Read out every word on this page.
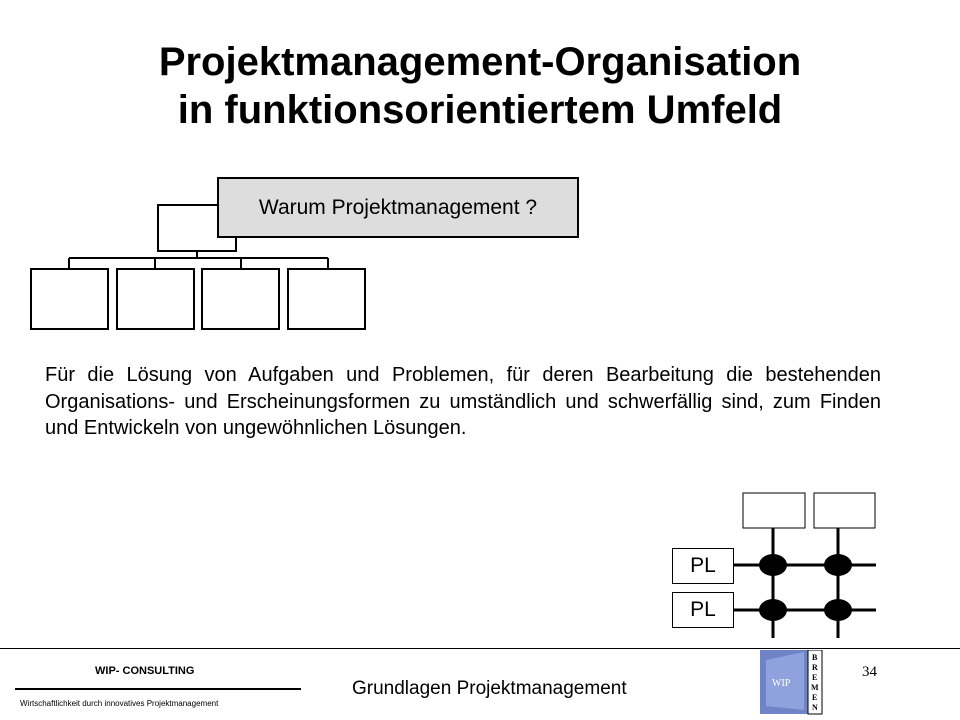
Projektmanagement-Organisation
in funktionsorientiertem Umfeld
Warum Projektmanagement ?
Für die Lösung von Aufgaben und Problemen, für deren Bearbeitung die bestehenden Organisations- und Erscheinungsformen zu umständlich und schwerfällig sind, zum Finden und Entwickeln von ungewöhnlichen Lösungen.
PL
PL
WIP- CONSULTING
Wirtschaftlichkeit durch innovatives Projektmanagement
Grundlagen Projektmanagement
34
WIP
B
R
E
M
E
N
